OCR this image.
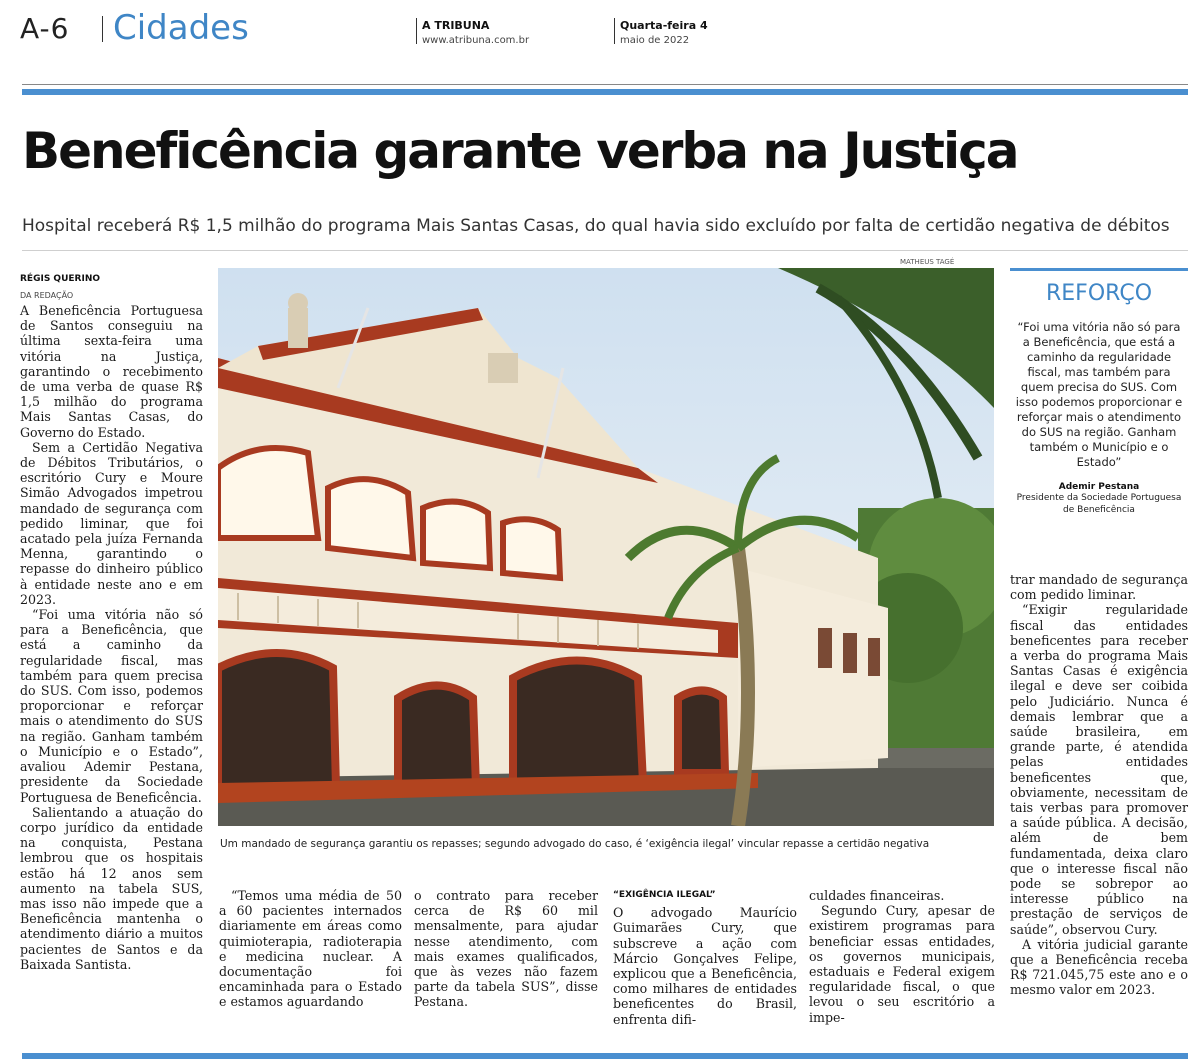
A-6 Cidades	A TRIBUNA
www.atribuna.com.br
Quarta-feira 4
maio de 2022
Beneficência garante verba na Justiça
Hospital receberá R$ 1,5 milhão do programa Mais Santas Casas, do qual havia sido excluído por falta de certidão negativa de débitos
RÉGIS QUERINO
DA REDAÇÃO

A Beneficência Portuguesa de Santos conseguiu na última sexta-feira uma vitória na Justiça, garantindo o recebimento de uma verba de quase R$ 1,5 milhão do programa Mais Santas Casas, do Governo do Estado.

Sem a Certidão Negativa de Débitos Tributários, o escritório Cury e Moure Simão Advogados impetrou mandado de segurança com pedido liminar, que foi acatado pela juíza Fernanda Menna, garantindo o repasse do dinheiro público à entidade neste ano e em 2023.

“Foi uma vitória não só para a Beneficência, que está a caminho da regularidade fiscal, mas também para quem precisa do SUS. Com isso, podemos proporcionar e reforçar mais o atendimento do SUS na região. Ganham também o Município e o Estado”, avaliou Ademir Pestana, presidente da Sociedade Portuguesa de Beneficência.

Salientando a atuação do corpo jurídico da entidade na conquista, Pestana lembrou que os hospitais estão há 12 anos sem aumento na tabela SUS, mas isso não impede que a Beneficência mantenha o atendimento diário a muitos pacientes de Santos e da Baixada Santista.

MATHEUS TAGÉ
Um mandado de segurança garantiu os repasses; segundo advogado do caso, é ‘exigência ilegal’ vincular repasse a certidão negativa

“Temos uma média de 50 a 60 pacientes internados diariamente em áreas como quimioterapia, radioterapia e medicina nuclear. A documentação foi encaminhada para o Estado e estamos aguardando

o contrato para receber cerca de R$ 60 mil mensalmente, para ajudar nesse atendimento, com mais exames qualificados, que às vezes não fazem parte da tabela SUS”, disse Pestana.

“EXIGÊNCIA ILEGAL”

O advogado Maurício Guimarães Cury, que subscreve a ação com Márcio Gonçalves Felipe, explicou que a Beneficência, como milhares de entidades beneficentes do Brasil, enfrenta difi-

culdades financeiras.

Segundo Cury, apesar de existirem programas para beneficiar essas entidades, os governos municipais, estaduais e Federal exigem regularidade fiscal, o que levou o seu escritório a impe-

REFORÇO
“Foi uma vitória não só para a Beneficência, que está a caminho da regularidade fiscal, mas também para quem precisa do SUS. Com isso podemos proporcionar e reforçar mais o atendimento do SUS na região. Ganham também o Município e o Estado”
Ademir Pestana
Presidente da Sociedade Portuguesa de Beneficência

trar mandado de segurança com pedido liminar.

“Exigir regularidade fiscal das entidades beneficentes para receber a verba do programa Mais Santas Casas é exigência ilegal e deve ser coibida pelo Judiciário. Nunca é demais lembrar que a saúde brasileira, em grande parte, é atendida pelas entidades beneficentes que, obviamente, necessitam de tais verbas para promover a saúde pública. A decisão, além de bem fundamentada, deixa claro que o interesse fiscal não pode se sobrepor ao interesse público na prestação de serviços de saúde”, observou Cury.

A vitória judicial garante que a Beneficência receba R$ 721.045,75 este ano e o mesmo valor em 2023.
